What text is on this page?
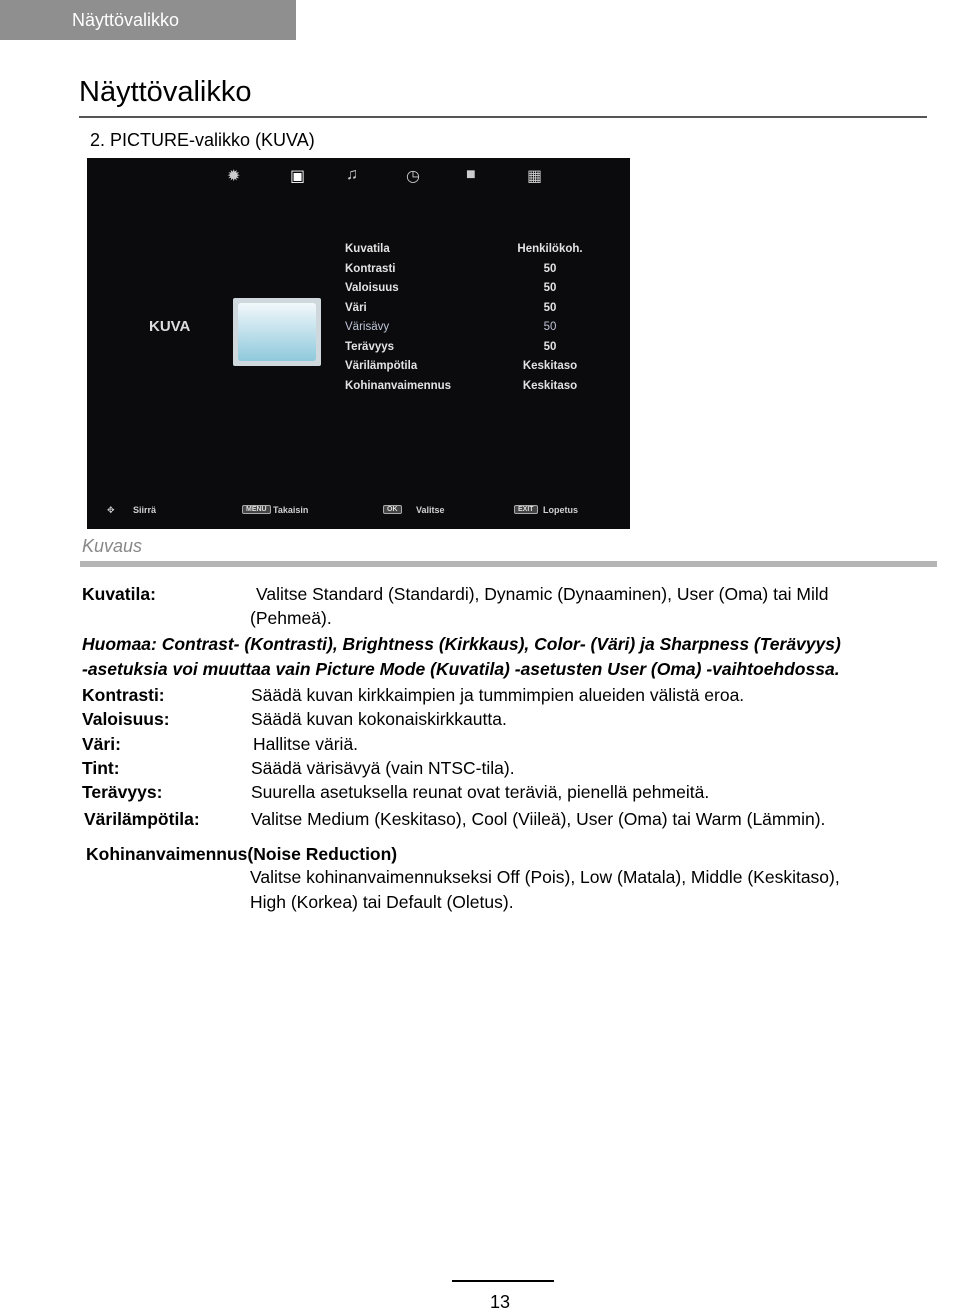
Näyttövalikko
Näyttövalikko
2. PICTURE-valikko (KUVA)
✹	▣	♫	◷	■	▦
KUVA
Kuvatila	Henkilökoh.
Kontrasti	50
Valoisuus	50
Väri	50
Värisävy	50
Terävyys	50
Värilämpötila	Keskitaso
Kohinanvaimennus	Keskitaso
✥ Siirrä	MENU Takaisin	OK	Valitse	EXIT	Lopetus
Kuvaus
Kuvatila:	Valitse Standard (Standardi), Dynamic (Dynaaminen), User (Oma) tai Mild
(Pehmeä).
Huomaa: Contrast- (Kontrasti), Brightness (Kirkkaus), Color- (Väri) ja Sharpness (Terävyys)
-asetuksia voi muuttaa vain Picture Mode (Kuvatila) -asetusten User (Oma) -vaihtoehdossa.
Kontrasti:	Säädä kuvan kirkkaimpien ja tummimpien alueiden välistä eroa.
Valoisuus:	Säädä kuvan kokonaiskirkkautta.
Väri:	Hallitse väriä.
Tint:	Säädä värisävyä (vain NTSC-tila).
Terävyys:	Suurella asetuksella reunat ovat teräviä, pienellä pehmeitä.
Värilämpötila:	Valitse Medium (Keskitaso), Cool (Viileä), User (Oma) tai Warm (Lämmin).
Kohinanvaimennus(Noise Reduction)
Valitse kohinanvaimennukseksi Off (Pois), Low (Matala), Middle (Keskitaso),
High (Korkea) tai Default (Oletus).
13
